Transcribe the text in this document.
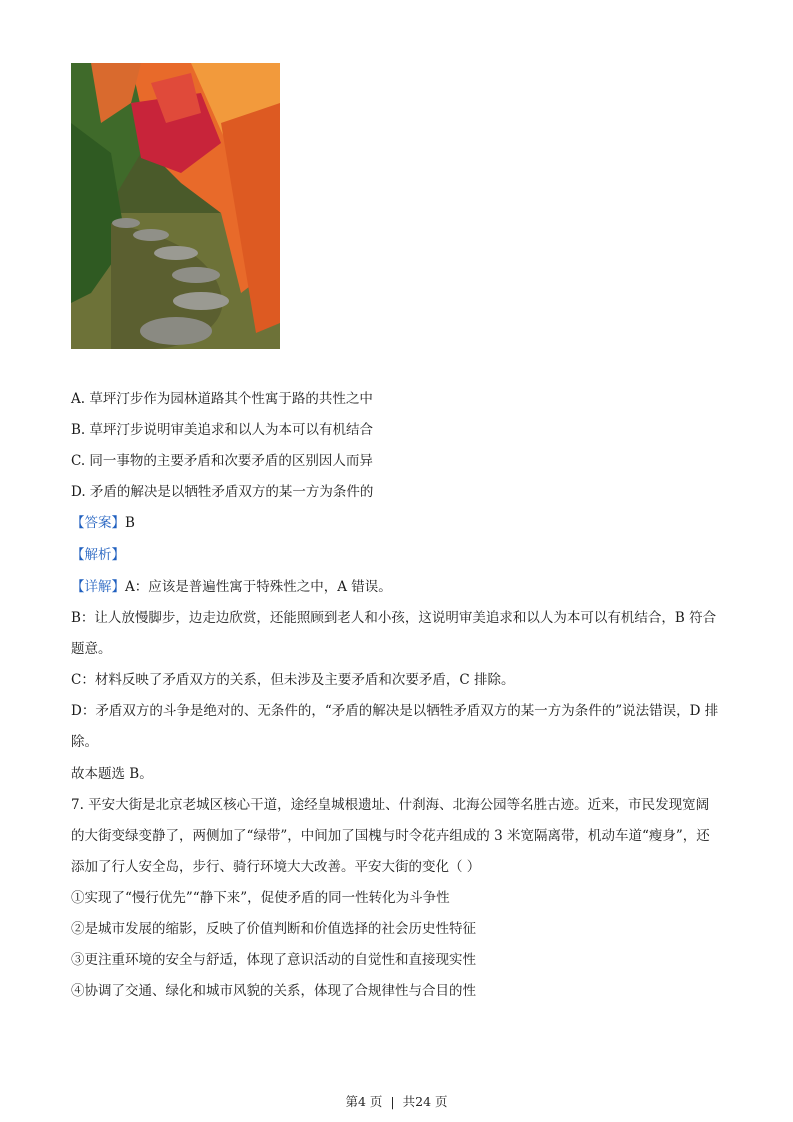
A. 草坪汀步作为园林道路其个性寓于路的共性之中
B. 草坪汀步说明审美追求和以人为本可以有机结合
C. 同一事物的主要矛盾和次要矛盾的区别因人而异
D. 矛盾的解决是以牺牲矛盾双方的某一方为条件的
【答案】B
【解析】
【详解】A：应该是普遍性寓于特殊性之中，A 错误。
B：让人放慢脚步，边走边欣赏，还能照顾到老人和小孩，这说明审美追求和以人为本可以有机结合，B 符合题意。
C：材料反映了矛盾双方的关系，但未涉及主要矛盾和次要矛盾，C 排除。
D：矛盾双方的斗争是绝对的、无条件的，“矛盾的解决是以牺牲矛盾双方的某一方为条件的”说法错误，D 排除。
故本题选 B。
7. 平安大街是北京老城区核心干道，途经皇城根遗址、什刹海、北海公园等名胜古迹。近来，市民发现宽阔的大街变绿变静了，两侧加了“绿带”，中间加了国槐与时令花卉组成的 3 米宽隔离带，机动车道“瘦身”，还添加了行人安全岛，步行、骑行环境大大改善。平安大街的变化（ ）
①实现了“慢行优先”“静下来”，促使矛盾的同一性转化为斗争性
②是城市发展的缩影，反映了价值判断和价值选择的社会历史性特征
③更注重环境的安全与舒适，体现了意识活动的自觉性和直接现实性
④协调了交通、绿化和城市风貌的关系，体现了合规律性与合目的性
第4 页 | 共24 页
